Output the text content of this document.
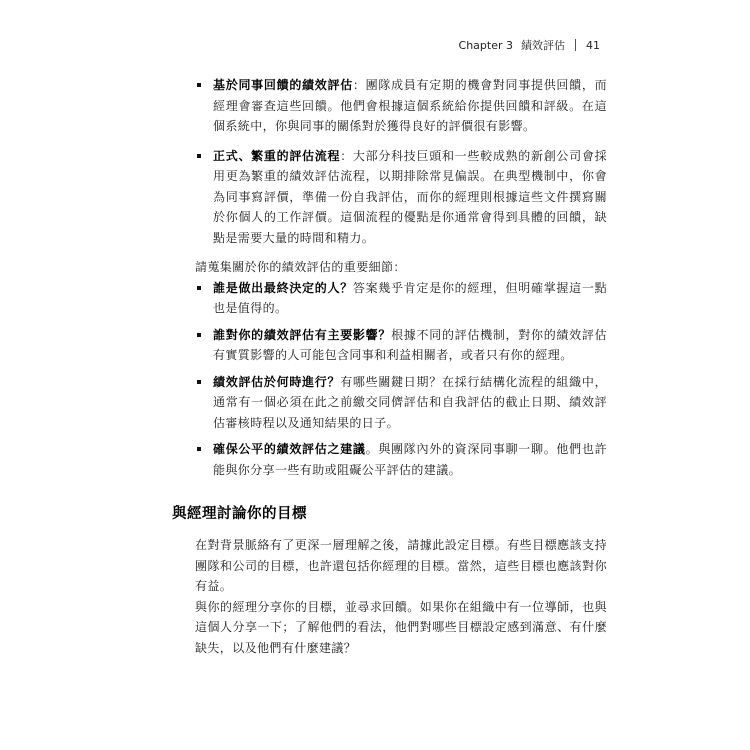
Chapter 3 績效評估 41
基於同事回饋的績效評估：團隊成員有定期的機會對同事提供回饋，而經理會審查這些回饋。他們會根據這個系統給你提供回饋和評級。在這個系統中，你與同事的關係對於獲得良好的評價很有影響。
正式、繁重的評估流程：大部分科技巨頭和一些較成熟的新創公司會採用更為繁重的績效評估流程，以期排除常見偏誤。在典型機制中，你會為同事寫評價，準備一份自我評估，而你的經理則根據這些文件撰寫關於你個人的工作評價。這個流程的優點是你通常會得到具體的回饋，缺點是需要大量的時間和精力。

請蒐集關於你的績效評估的重要細節：

誰是做出最終決定的人？答案幾乎肯定是你的經理，但明確掌握這一點也是值得的。
誰對你的績效評估有主要影響？根據不同的評估機制，對你的績效評估有實質影響的人可能包含同事和利益相關者，或者只有你的經理。
績效評估於何時進行？有哪些關鍵日期？在採行結構化流程的組織中，通常有一個必須在此之前繳交同儕評估和自我評估的截止日期、績效評估審核時程以及通知結果的日子。
確保公平的績效評估之建議。與團隊內外的資深同事聊一聊。他們也許能與你分享一些有助或阻礙公平評估的建議。
與經理討論你的目標

在對背景脈絡有了更深一層理解之後，請據此設定目標。有些目標應該支持團隊和公司的目標，也許還包括你經理的目標。當然，這些目標也應該對你有益。

與你的經理分享你的目標，並尋求回饋。如果你在組織中有一位導師，也與這個人分享一下；了解他們的看法，他們對哪些目標設定感到滿意、有什麼缺失，以及他們有什麼建議？
